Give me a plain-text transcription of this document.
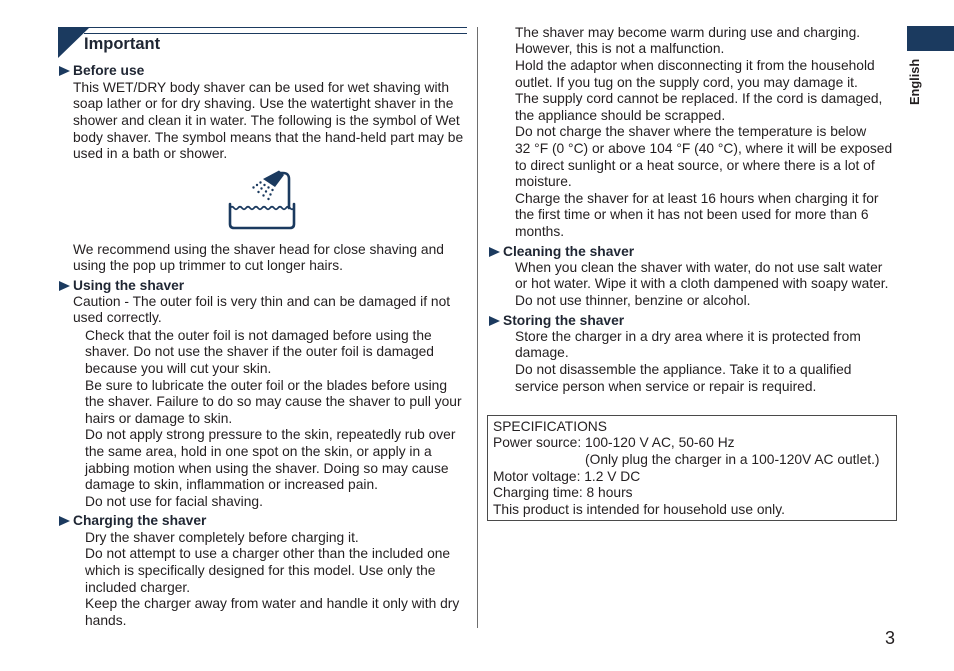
Important
Before use
This WET/DRY body shaver can be used for wet shaving with
soap lather or for dry shaving. Use the watertight shaver in the
shower and clean it in water. The following is the symbol of Wet
body shaver. The symbol means that the hand-held part may be
used in a bath or shower.
We recommend using the shaver head for close shaving and
using the pop up trimmer to cut longer hairs.
Using the shaver
Caution - The outer foil is very thin and can be damaged if not
used correctly.
Check that the outer foil is not damaged before using the
shaver. Do not use the shaver if the outer foil is damaged
because you will cut your skin.
Be sure to lubricate the outer foil or the blades before using
the shaver. Failure to do so may cause the shaver to pull your
hairs or damage to skin.
Do not apply strong pressure to the skin, repeatedly rub over
the same area, hold in one spot on the skin, or apply in a
jabbing motion when using the shaver. Doing so may cause
damage to skin, inflammation or increased pain.
Do not use for facial shaving.
Charging the shaver
Dry the shaver completely before charging it.
Do not attempt to use a charger other than the included one
which is specifically designed for this model. Use only the
included charger.
Keep the charger away from water and handle it only with dry
hands.
The shaver may become warm during use and charging.
However, this is not a malfunction.
Hold the adaptor when disconnecting it from the household
outlet. If you tug on the supply cord, you may damage it.
The supply cord cannot be replaced. If the cord is damaged,
the appliance should be scrapped.
Do not charge the shaver where the temperature is below
32 °F (0 °C) or above 104 °F (40 °C), where it will be exposed
to direct sunlight or a heat source, or where there is a lot of
moisture.
Charge the shaver for at least 16 hours when charging it for
the first time or when it has not been used for more than 6
months.
Cleaning the shaver
When you clean the shaver with water, do not use salt water
or hot water. Wipe it with a cloth dampened with soapy water.
Do not use thinner, benzine or alcohol.
Storing the shaver
Store the charger in a dry area where it is protected from
damage.
Do not disassemble the appliance. Take it to a qualified
service person when service or repair is required.
SPECIFICATIONS
Power source: 100-120 V AC, 50-60 Hz
(Only plug the charger in a 100-120V AC outlet.)
Motor voltage: 1.2 V DC
Charging time: 8 hours
This product is intended for household use only.
English
3
